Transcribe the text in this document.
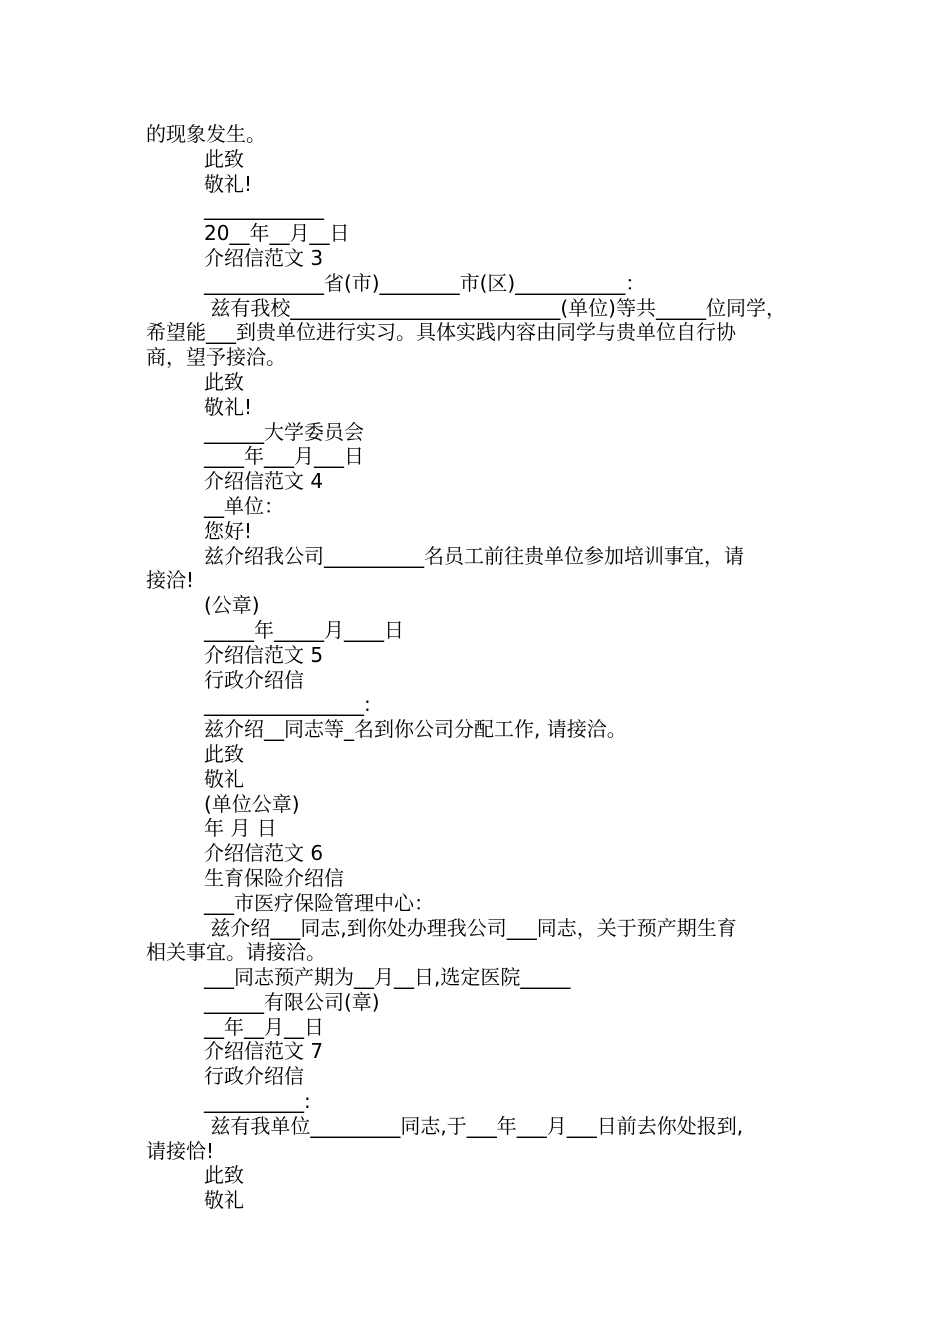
的现象发生。
此致
敬礼!
____________
20__年__月__日
介绍信范文 3
____________省(市)________市(区)___________：
兹有我校___________________________(单位)等共_____位同学，
希望能___到贵单位进行实习。具体实践内容由同学与贵单位自行协
商，望予接洽。
此致
敬礼!
______大学委员会
____年___月___日
介绍信范文 4
__单位：
您好!
兹介绍我公司__________名员工前往贵单位参加培训事宜，请
接洽!
(公章)
_____年_____月____日
介绍信范文 5
行政介绍信
________________:
兹介绍__同志等_名到你公司分配工作, 请接洽。
此致
敬礼
(单位公章)
年 月 日
介绍信范文 6
生育保险介绍信
___市医疗保险管理中心：
兹介绍___同志,到你处办理我公司___同志，关于预产期生育
相关事宜。请接洽。
___同志预产期为__月__日,选定医院_____
______有限公司(章)
__年__月__日
介绍信范文 7
行政介绍信
__________:
兹有我单位_________同志,于___年___月___日前去你处报到,
请接恰!
此致
敬礼
